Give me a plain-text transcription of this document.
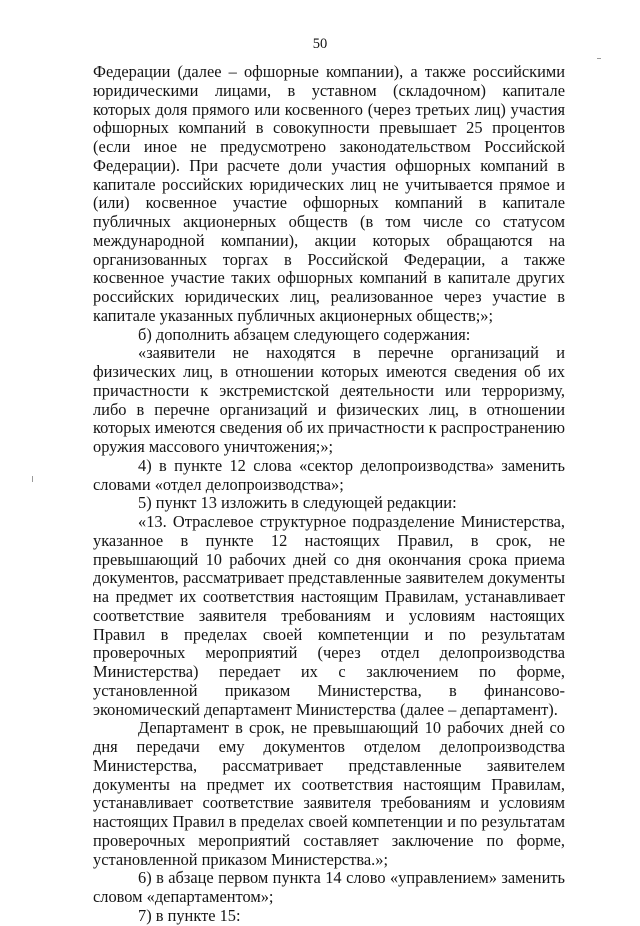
50

Федерации (далее – офшорные компании), а также российскими юридическими лицами, в уставном (складочном) капитале которых доля прямого или косвенного (через третьих лиц) участия офшорных компаний в совокупности превышает 25 процентов (если иное не предусмотрено законодательством Российской Федерации). При расчете доли участия офшорных компаний в капитале российских юридических лиц не учитывается прямое и (или) косвенное участие офшорных компаний в капитале публичных акционерных обществ (в том числе со статусом международной компании), акции которых обращаются на организованных торгах в Российской Федерации, а также косвенное участие таких офшорных компаний в капитале других российских юридических лиц, реализованное через участие в капитале указанных публичных акционерных обществ;»;

б) дополнить абзацем следующего содержания:

«заявители не находятся в перечне организаций и физических лиц, в отношении которых имеются сведения об их причастности к экстремистской деятельности или терроризму, либо в перечне организаций и физических лиц, в отношении которых имеются сведения об их причастности к распространению оружия массового уничтожения;»;

4) в пункте 12 слова «сектор делопроизводства» заменить словами «отдел делопроизводства»;

5) пункт 13 изложить в следующей редакции:

«13. Отраслевое структурное подразделение Министерства, указанное в пункте 12 настоящих Правил, в срок, не превышающий 10 рабочих дней со дня окончания срока приема документов, рассматривает представленные заявителем документы на предмет их соответствия настоящим Правилам, устанавливает соответствие заявителя требованиям и условиям настоящих Правил в пределах своей компетенции и по результатам проверочных мероприятий (через отдел делопроизводства Министерства) передает их с заключением по форме, установленной приказом Министерства, в финансово-экономический департамент Министерства (далее – департамент).

Департамент в срок, не превышающий 10 рабочих дней со дня передачи ему документов отделом делопроизводства Министерства, рассматривает представленные заявителем документы на предмет их соответствия настоящим Правилам, устанавливает соответствие заявителя требованиям и условиям настоящих Правил в пределах своей компетенции и по результатам проверочных мероприятий составляет заключение по форме, установленной приказом Министерства.»;

6) в абзаце первом пункта 14 слово «управлением» заменить словом «департаментом»;

7) в пункте 15:
